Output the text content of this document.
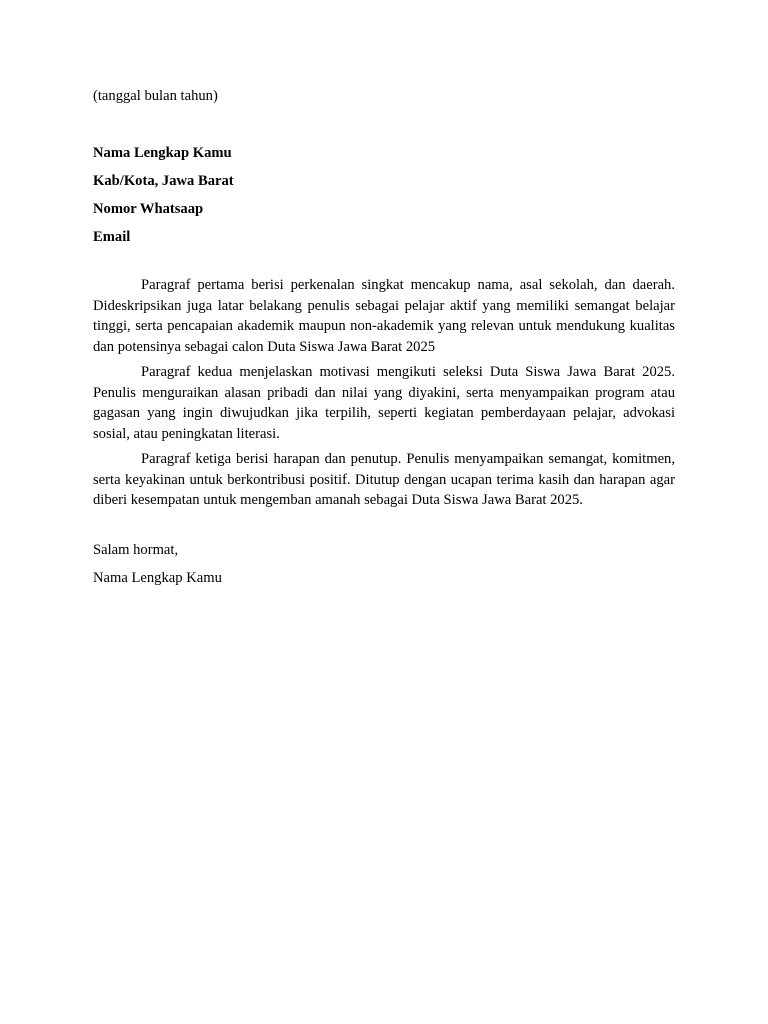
(tanggal bulan tahun)

Nama Lengkap Kamu

Kab/Kota, Jawa Barat

Nomor Whatsaap

Email

Paragraf pertama berisi perkenalan singkat mencakup nama, asal sekolah, dan daerah. Dideskripsikan juga latar belakang penulis sebagai pelajar aktif yang memiliki semangat belajar tinggi, serta pencapaian akademik maupun non-akademik yang relevan untuk mendukung kualitas dan potensinya sebagai calon Duta Siswa Jawa Barat 2025

Paragraf kedua menjelaskan motivasi mengikuti seleksi Duta Siswa Jawa Barat 2025. Penulis menguraikan alasan pribadi dan nilai yang diyakini, serta menyampaikan program atau gagasan yang ingin diwujudkan jika terpilih, seperti kegiatan pemberdayaan pelajar, advokasi sosial, atau peningkatan literasi.

Paragraf ketiga berisi harapan dan penutup. Penulis menyampaikan semangat, komitmen, serta keyakinan untuk berkontribusi positif. Ditutup dengan ucapan terima kasih dan harapan agar diberi kesempatan untuk mengemban amanah sebagai Duta Siswa Jawa Barat 2025.

Salam hormat,

Nama Lengkap Kamu
